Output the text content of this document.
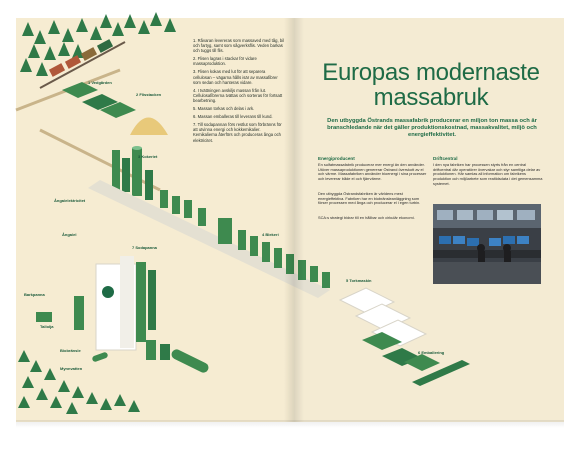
1 Vedgården
2 Flisstacken
3 Kokeriet
4 Blekeri
5 Torkmaskin
6 Emballering
7 Sodapanna
Ånga/el
Barkpanna
Ånga/elektricitet
Biobränsle
Tallolja
Mynnvatten
1. Råvaran levereras som massaved med tåg, bil och fartyg, samt som sågverksflis. Veden barkas och tuggs till flis.
2. Flisen lagras i stackar för vidare massaproduktion.
3. Flisen kokas med lut för att separera cellulosan – vägarna hålls isär av massafibrer som sedan och hanteras vidare.
4. I tvättningen avskiljs massan från lut. Cellulosafibrerna tvättas och sorteras för fortsatt bearbetning.
5. Massan torkas och delas i ark.
6. Massan emballeras till leverans till kund.
7. Till sodapannan förs restlut som förbränns för att utvinna energi och kokkemikalier. Kemikalierna återförs och produceras ånga och elektricitet.
Europas modernaste massabruk
Den utbyggda Östrands massafabrik producerar en miljon ton massa och är branschledande när det gäller produktionskostnad, massakvalitet, miljö och energieffektivitet.
Energiproducent
En sulfatmassafabrik producerar mer energi än den använder. Utöver massaproduktionen genererar Östrand överskott av el och värme. Massafabriken använder bioenergi i sina processer och levererar både el och fjärrvärme.
Den utbyggda Östrandsfabriken är världens mest energieffektiva. Fabriken har en biobränsleanläggning som förser processen med ånga och producerar el i egen turbin.
SCA:s strategi bidrar till en hållbar och cirkulär ekonomi.
Driftcentral
I den nya fabriken har processen styrts från en central driftcentral där operatörer övervakar och styr samtliga delar av produktionen. Här samlas all information om fabrikens produktion och miljöarbete som realtidsdata i det gemensamma systemet.
